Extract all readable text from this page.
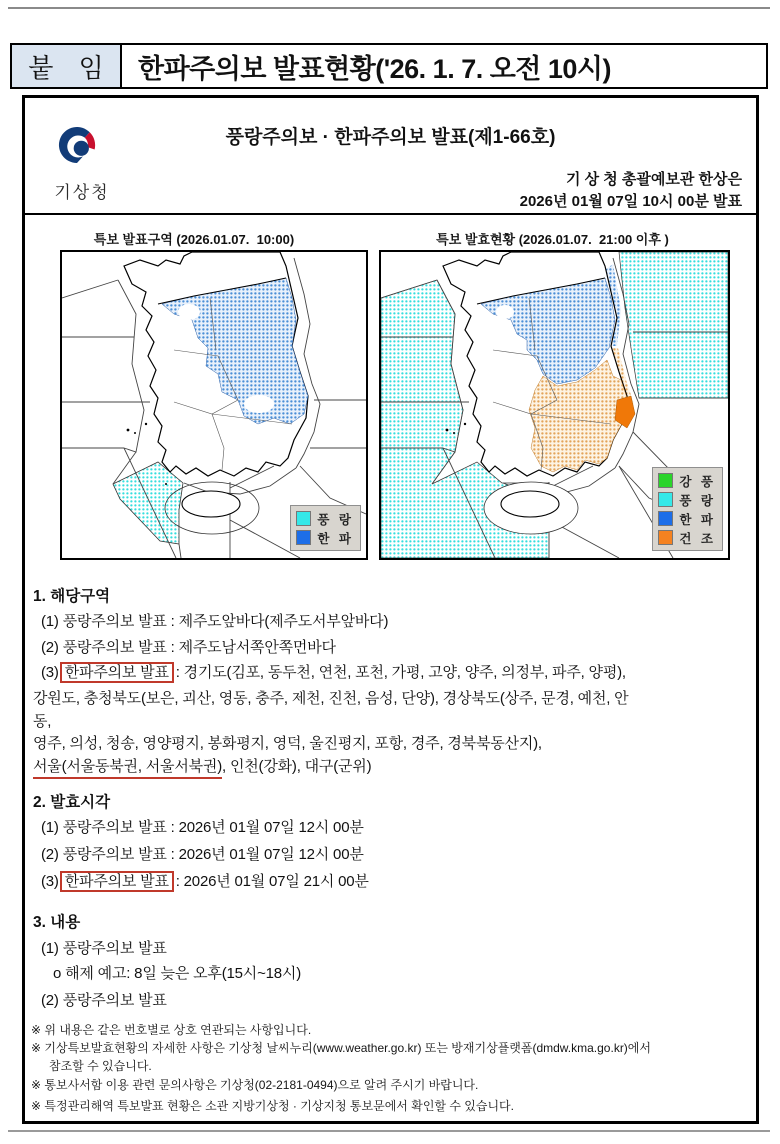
붙 임 한파주의보 발표현황('26. 1. 7. 오전 10시)
기상청
풍랑주의보 · 한파주의보 발표(제1-66호)
기 상 청 총괄예보관 한상은
2026년 01월 07일 10시 00분 발표
특보 발표구역 (2026.01.07.  10:00)	특보 발효현황 (2026.01.07.  21:00 이후 )
풍 랑
한 파
강 풍
풍 랑
한 파
건 조
1. 해당구역
(1) 풍랑주의보 발표 : 제주도앞바다(제주도서부앞바다)
(2) 풍랑주의보 발표 : 제주도남서쪽안쪽먼바다
(3) 한파주의보 발표 : 경기도(김포, 동두천, 연천, 포천, 가평, 고양, 양주, 의정부, 파주, 양평),
강원도, 충청북도(보은, 괴산, 영동, 충주, 제천, 진천, 음성, 단양), 경상북도(상주, 문경, 예천, 안
동,
영주, 의성, 청송, 영양평지, 봉화평지, 영덕, 울진평지, 포항, 경주, 경북북동산지),
서울(서울동북권, 서울서북권), 인천(강화), 대구(군위)
2. 발효시각
(1) 풍랑주의보 발표 : 2026년 01월 07일 12시 00분
(2) 풍랑주의보 발표 : 2026년 01월 07일 12시 00분
(3) 한파주의보 발표 : 2026년 01월 07일 21시 00분
3. 내용
(1) 풍랑주의보 발표
o 해제 예고: 8일 늦은 오후(15시~18시)
(2) 풍랑주의보 발표
※ 위 내용은 같은 번호별로 상호 연관되는 사항입니다.
※ 기상특보발효현황의 자세한 사항은 기상청 날씨누리(www.weather.go.kr) 또는 방재기상플랫폼(dmdw.kma.go.kr)에서
참조할 수 있습니다.
※ 통보사서함 이용 관련 문의사항은 기상청(02-2181-0494)으로 알려 주시기 바랍니다.
※ 특정관리해역 특보발표 현황은 소관 지방기상청 · 기상지청 통보문에서 확인할 수 있습니다.
